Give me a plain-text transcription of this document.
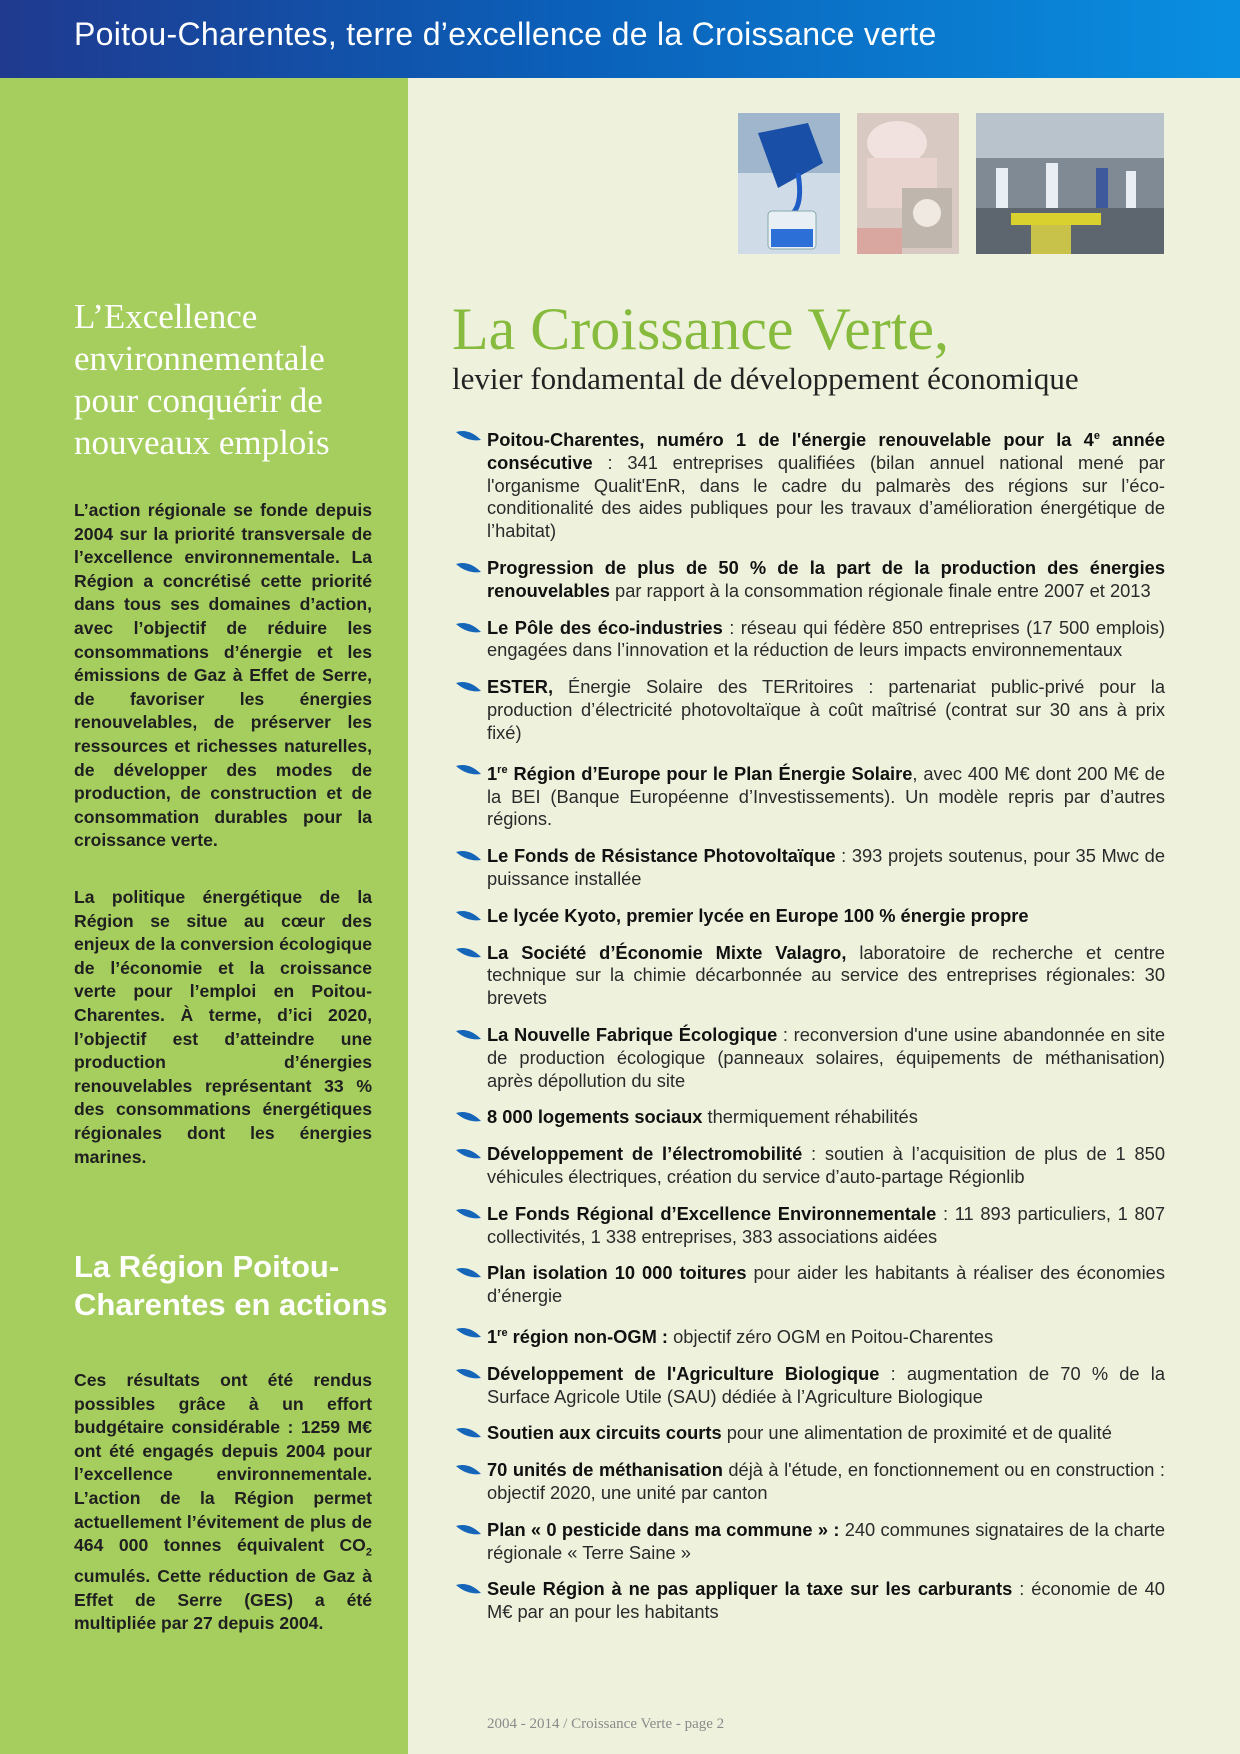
Poitou-Charentes, terre d’excellence de la Croissance verte
L’Excellence environnementale pour conquérir de nouveaux emplois

L’action régionale se fonde depuis 2004 sur la priorité transversale de l’excellence environnementale. La Région a concrétisé cette priorité dans tous ses domaines d’action, avec l’objectif de réduire les consommations d’énergie et les émissions de Gaz à Effet de Serre, de favoriser les énergies renouvelables, de préserver les ressources et richesses naturelles, de développer des modes de production, de construction et de consommation durables pour la croissance verte.

La politique énergétique de la Région se situe au cœur des enjeux de la conversion écologique de l’économie et la croissance verte pour l’emploi en Poitou-Charentes. À terme, d’ici 2020, l’objectif est d’atteindre une production d’énergies renouvelables représentant 33 % des consommations énergétiques régionales dont les énergies marines.

La Région Poitou-Charentes en actions

Ces résultats ont été rendus possibles grâce à un effort budgétaire considérable : 1259 M€ ont été engagés depuis 2004 pour l’excellence environnementale. L’action de la Région permet actuellement l’évitement de plus de 464 000 tonnes équivalent $CO_2$ cumulés. Cette réduction de Gaz à Effet de Serre (GES) a été multipliée par 27 depuis 2004.

La Croissance Verte,
levier fondamental de développement économique
Poitou-Charentes, numéro 1 de l'énergie renouvelable pour la 4e année consécutive : 341 entreprises qualifiées (bilan annuel national mené par l'organisme Qualit'EnR, dans le cadre du palmarès des régions sur l’éco-conditionalité des aides publiques pour les travaux d’amélioration énergétique de l’habitat)
Progression de plus de 50 % de la part de la production des énergies renouvelables par rapport à la consommation régionale finale entre 2007 et 2013
Le Pôle des éco-industries : réseau qui fédère 850 entreprises (17 500 emplois) engagées dans l’innovation et la réduction de leurs impacts environnementaux
ESTER, Énergie Solaire des TERritoires : partenariat public-privé pour la production d’électricité photovoltaïque à coût maîtrisé (contrat sur 30 ans à prix fixé)
1re Région d’Europe pour le Plan Énergie Solaire, avec 400 M€ dont 200 M€ de la BEI (Banque Européenne d’Investissements). Un modèle repris par d’autres régions.
Le Fonds de Résistance Photovoltaïque : 393 projets soutenus, pour 35 Mwc de puissance installée
Le lycée Kyoto, premier lycée en Europe 100 % énergie propre
La Société d’Économie Mixte Valagro, laboratoire de recherche et centre technique sur la chimie décarbonnée au service des entreprises régionales: 30 brevets
La Nouvelle Fabrique Écologique : reconversion d'une usine abandonnée en site de production écologique (panneaux solaires, équipements de méthanisation) après dépollution du site
8 000 logements sociaux thermiquement réhabilités
Développement de l’électromobilité : soutien à l’acquisition de plus de 1 850 véhicules électriques, création du service d’auto-partage Régionlib
Le Fonds Régional d’Excellence Environnementale : 11 893 particuliers, 1 807 collectivités, 1 338 entreprises, 383 associations aidées
Plan isolation 10 000 toitures pour aider les habitants à réaliser des économies d’énergie
1re région non-OGM : objectif zéro OGM en Poitou-Charentes
Développement de l'Agriculture Biologique : augmentation de 70 % de la Surface Agricole Utile (SAU) dédiée à l’Agriculture Biologique
Soutien aux circuits courts pour une alimentation de proximité et de qualité
70 unités de méthanisation déjà à l'étude, en fonctionnement ou en construction : objectif 2020, une unité par canton
Plan « 0 pesticide dans ma commune » : 240 communes signataires de la charte régionale « Terre Saine »
Seule Région à ne pas appliquer la taxe sur les carburants : économie de 40 M€ par an pour les habitants
2004 - 2014 / Croissance Verte - page 2
